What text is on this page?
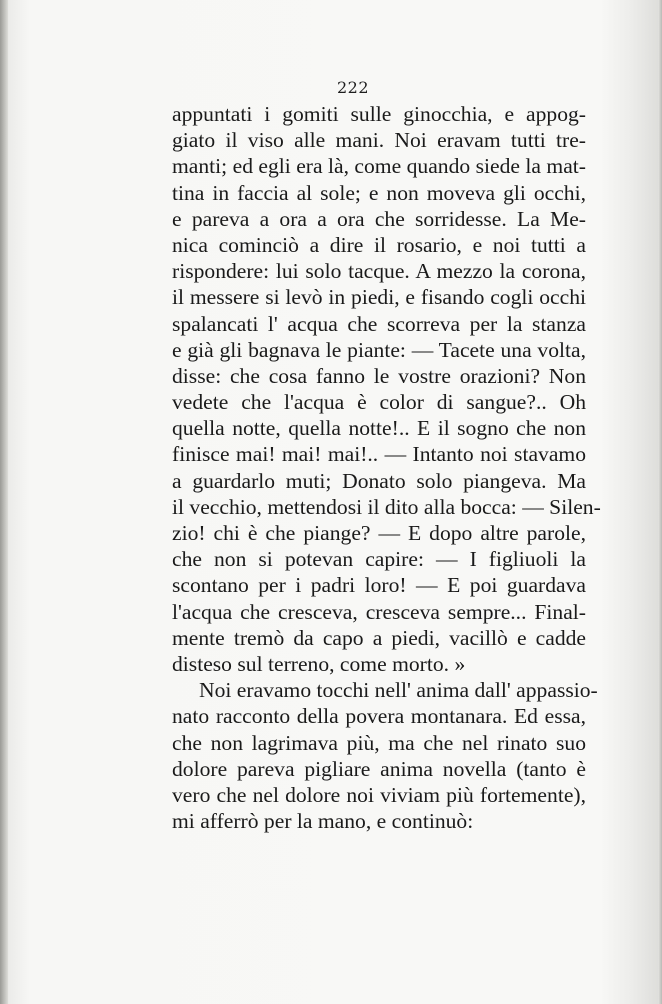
222
appuntati i gomiti sulle ginocchia, e appog-
giato il viso alle mani. Noi eravam tutti tre-
manti; ed egli era là, come quando siede la mat-
tina in faccia al sole; e non moveva gli occhi,
e pareva a ora a ora che sorridesse. La Me-
nica cominciò a dire il rosario, e noi tutti a
rispondere: lui solo tacque. A mezzo la corona,
il messere si levò in piedi, e fisando cogli occhi
spalancati l' acqua che scorreva per la stanza
e già gli bagnava le piante: — Tacete una volta,
disse: che cosa fanno le vostre orazioni? Non
vedete che l'acqua è color di sangue?.. Oh
quella notte, quella notte!.. E il sogno che non
finisce mai! mai! mai!.. — Intanto noi stavamo
a guardarlo muti; Donato solo piangeva. Ma
il vecchio, mettendosi il dito alla bocca: — Silen-
zio! chi è che piange? — E dopo altre parole,
che non si potevan capire: — I figliuoli la
scontano per i padri loro! — E poi guardava
l'acqua che cresceva, cresceva sempre... Final-
mente tremò da capo a piedi, vacillò e cadde
disteso sul terreno, come morto. »
Noi eravamo tocchi nell' anima dall' appassio-
nato racconto della povera montanara. Ed essa,
che non lagrimava più, ma che nel rinato suo
dolore pareva pigliare anima novella (tanto è
vero che nel dolore noi viviam più fortemente),
mi afferrò per la mano, e continuò:
